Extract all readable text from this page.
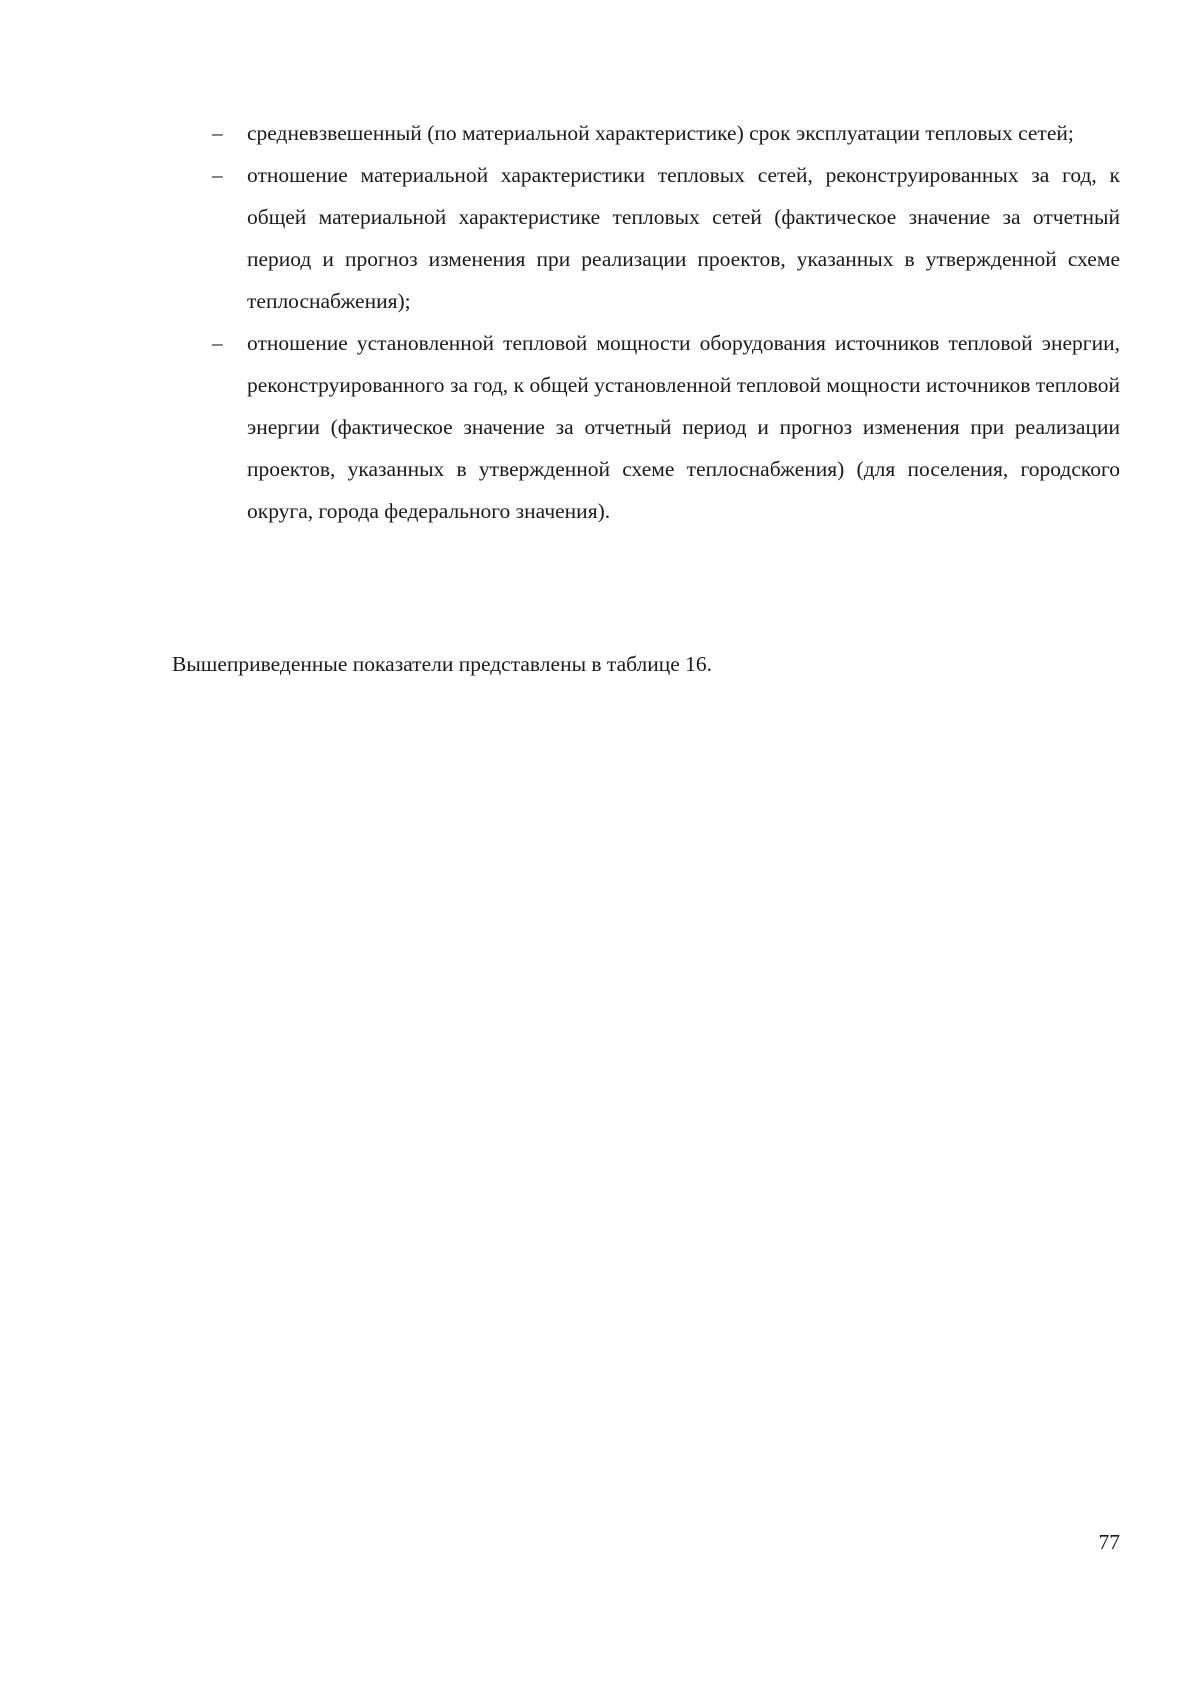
–	средневзвешенный (по материальной характеристике) срок эксплуатации тепловых сетей;
–	отношение материальной характеристики тепловых сетей, реконструированных за год, к общей материальной характеристике тепловых сетей (фактическое значение за отчетный период и прогноз изменения при реализации проектов, указанных в утвержденной схеме теплоснабжения);
–	отношение установленной тепловой мощности оборудования источников тепловой энергии, реконструированного за год, к общей установленной тепловой мощности источников тепловой энергии (фактическое значение за отчетный период и прогноз изменения при реализации проектов, указанных в утвержденной схеме теплоснабжения) (для поселения, городского округа, города федерального значения).

Вышеприведенные показатели представлены в таблице 16.

77
